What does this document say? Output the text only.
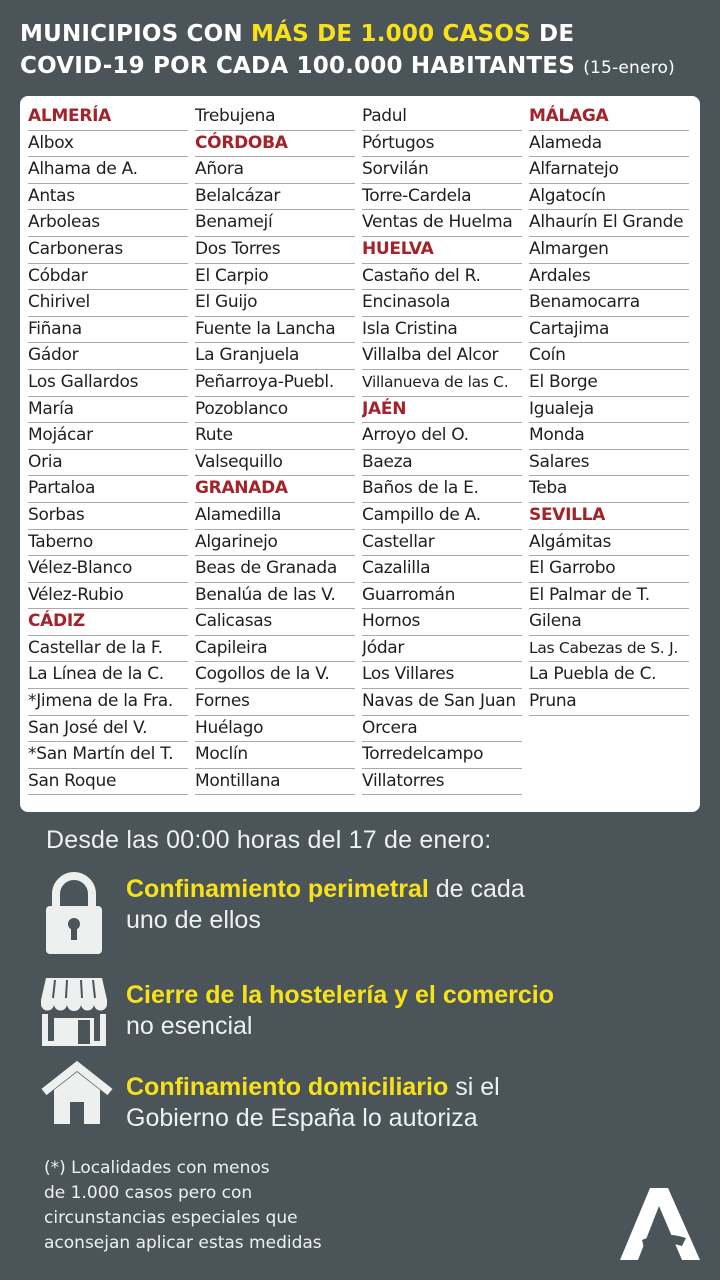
MUNICIPIOS CON MÁS DE 1.000 CASOS DE
COVID-19 POR CADA 100.000 HABITANTES (15-enero)
ALMERÍA
Albox
Alhama de A.
Antas
Arboleas
Carboneras
Cóbdar
Chirivel
Fiñana
Gádor
Los Gallardos
María
Mojácar
Oria
Partaloa
Sorbas
Taberno
Vélez-Blanco
Vélez-Rubio
CÁDIZ
Castellar de la F.
La Línea de la C.
*Jimena de la Fra.
San José del V.
*San Martín del T.
San Roque
Trebujena
CÓRDOBA
Añora
Belalcázar
Benamejí
Dos Torres
El Carpio
El Guijo
Fuente la Lancha
La Granjuela
Peñarroya-Puebl.
Pozoblanco
Rute
Valsequillo
GRANADA
Alamedilla
Algarinejo
Beas de Granada
Benalúa de las V.
Calicasas
Capileira
Cogollos de la V.
Fornes
Huélago
Moclín
Montillana
Padul
Pórtugos
Sorvilán
Torre-Cardela
Ventas de Huelma
HUELVA
Castaño del R.
Encinasola
Isla Cristina
Villalba del Alcor
Villanueva de las C.
JAÉN
Arroyo del O.
Baeza
Baños de la E.
Campillo de A.
Castellar
Cazalilla
Guarromán
Hornos
Jódar
Los Villares
Navas de San Juan
Orcera
Torredelcampo
Villatorres
MÁLAGA
Alameda
Alfarnatejo
Algatocín
Alhaurín El Grande
Almargen
Ardales
Benamocarra
Cartajima
Coín
El Borge
Igualeja
Monda
Salares
Teba
SEVILLA
Algámitas
El Garrobo
El Palmar de T.
Gilena
Las Cabezas de S. J.
La Puebla de C.
Pruna
Desde las 00:00 horas del 17 de enero:
Confinamiento perimetral de cada
uno de ellos
Cierre de la hostelería y el comercio
no esencial
Confinamiento domiciliario si el
Gobierno de España lo autoriza
(*) Localidades con menos
de 1.000 casos pero con
circunstancias especiales que
aconsejan aplicar estas medidas
